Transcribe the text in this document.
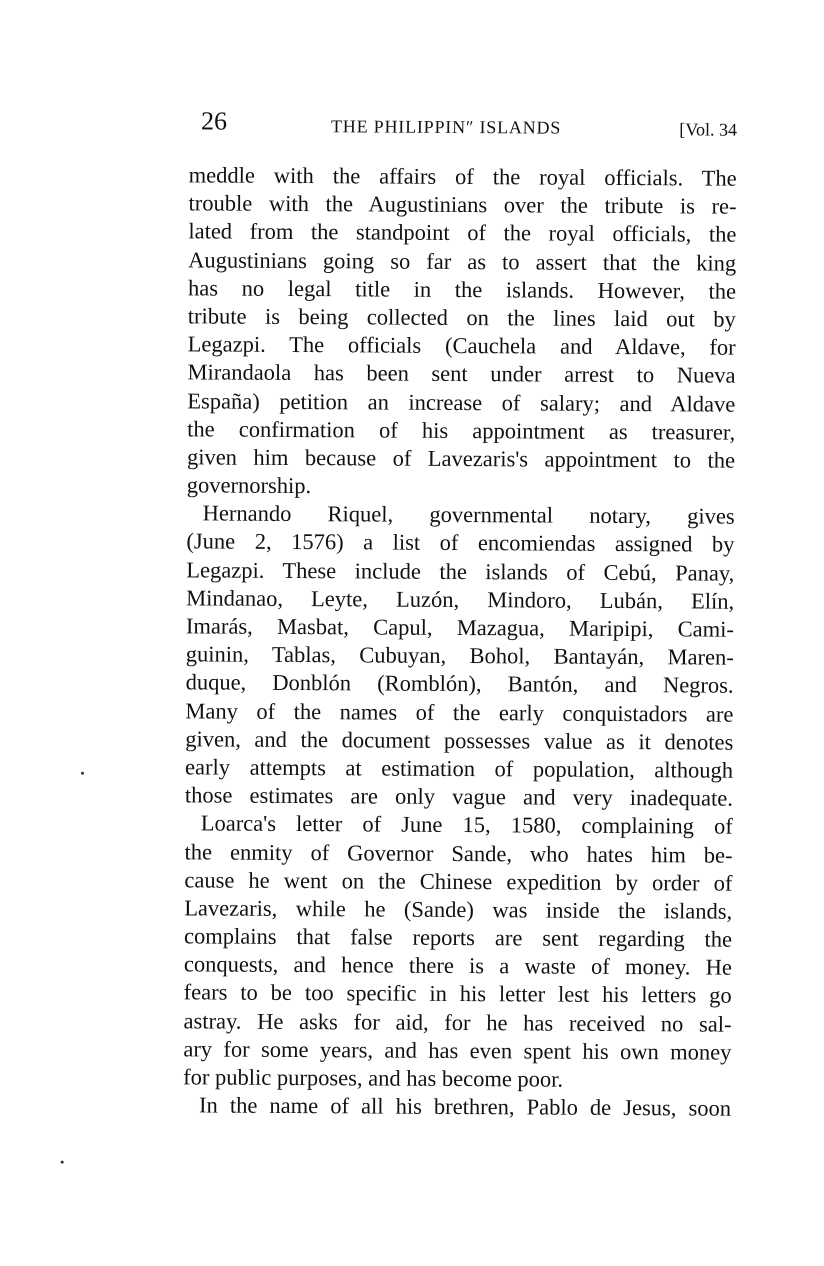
26	THE PHILIPPIN″ ISLANDS	[Vol. 34
meddle with the affairs of the royal officials. The
trouble with the Augustinians over the tribute is re-
lated from the standpoint of the royal officials, the
Augustinians going so far as to assert that the king
has no legal title in the islands. However, the
tribute is being collected on the lines laid out by
Legazpi. The officials (Cauchela and Aldave, for
Mirandaola has been sent under arrest to Nueva
España) petition an increase of salary; and Aldave
the confirmation of his appointment as treasurer,
given him because of Lavezaris's appointment to the
governorship.
Hernando Riquel, governmental notary, gives
(June 2, 1576) a list of encomiendas assigned by
Legazpi. These include the islands of Cebú, Panay,
Mindanao, Leyte, Luzón, Mindoro, Lubán, Elín,
Imarás, Masbat, Capul, Mazagua, Maripipi, Cami-
guinin, Tablas, Cubuyan, Bohol, Bantayán, Maren-
duque, Donblón (Romblón), Bantón, and Negros.
Many of the names of the early conquistadors are
given, and the document possesses value as it denotes
early attempts at estimation of population, although
those estimates are only vague and very inadequate.
Loarca's letter of June 15, 1580, complaining of
the enmity of Governor Sande, who hates him be-
cause he went on the Chinese expedition by order of
Lavezaris, while he (Sande) was inside the islands,
complains that false reports are sent regarding the
conquests, and hence there is a waste of money. He
fears to be too specific in his letter lest his letters go
astray. He asks for aid, for he has received no sal-
ary for some years, and has even spent his own money
for public purposes, and has become poor.
In the name of all his brethren, Pablo de Jesus, soon
